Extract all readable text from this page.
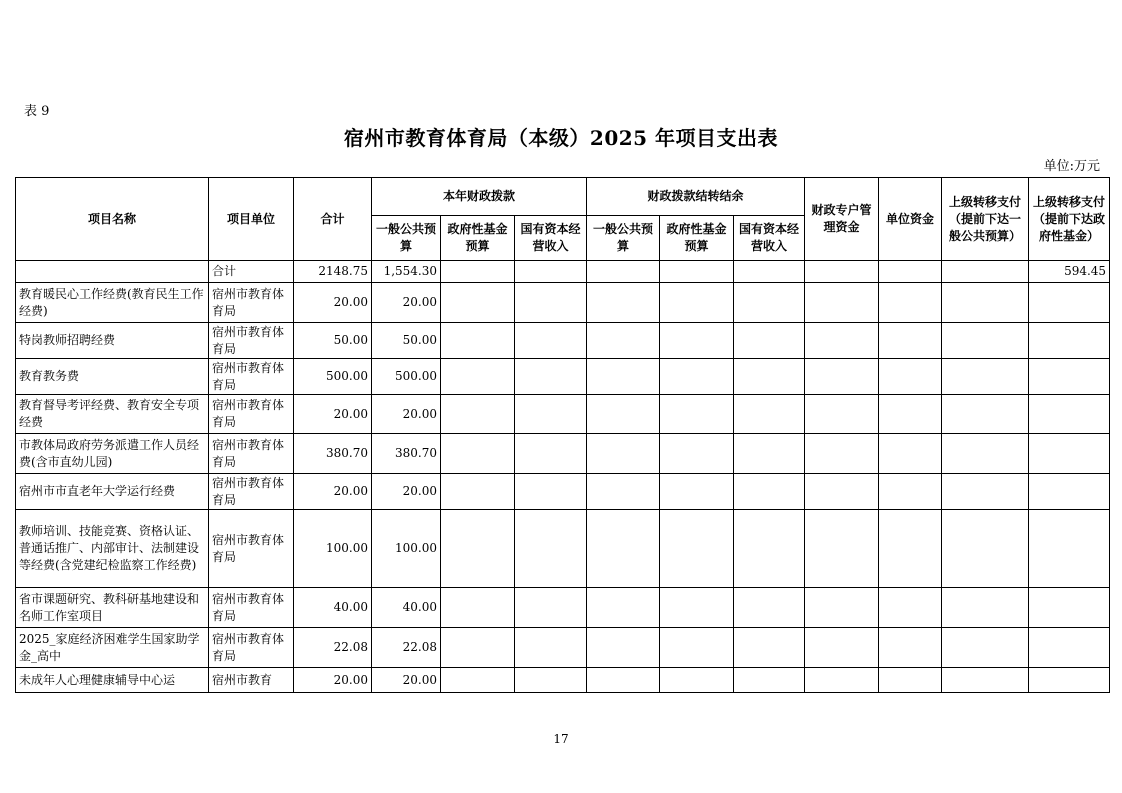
表 9
宿州市教育体育局（本级）2025 年项目支出表
单位:万元
项目名称	项目单位	合计	本年财政拨款			财政拨款结转结余			财政专户管理资金	单位资金	上级转移支付（提前下达一般公共预算）	上级转移支付（提前下达政府性基金）
			一般公共预算	政府性基金预算	国有资本经营收入	一般公共预算	政府性基金预算	国有资本经营收入				
	合计	2148.75	1,554.30									594.45
教育暖民心工作经费(教育民生工作经费)	宿州市教育体育局	20.00	20.00									
特岗教师招聘经费	宿州市教育体育局	50.00	50.00									
教育教务费	宿州市教育体育局	500.00	500.00									
教育督导考评经费、教育安全专项经费	宿州市教育体育局	20.00	20.00									
市教体局政府劳务派遣工作人员经费(含市直幼儿园)	宿州市教育体育局	380.70	380.70									
宿州市市直老年大学运行经费	宿州市教育体育局	20.00	20.00									
教师培训、技能竞赛、资格认证、普通话推广、内部审计、法制建设等经费(含党建纪检监察工作经费)	宿州市教育体育局	100.00	100.00									
省市课题研究、教科研基地建设和名师工作室项目	宿州市教育体育局	40.00	40.00									
2025_家庭经济困难学生国家助学金_高中	宿州市教育体育局	22.08	22.08									
未成年人心理健康辅导中心运	宿州市教育	20.00	20.00									
17
